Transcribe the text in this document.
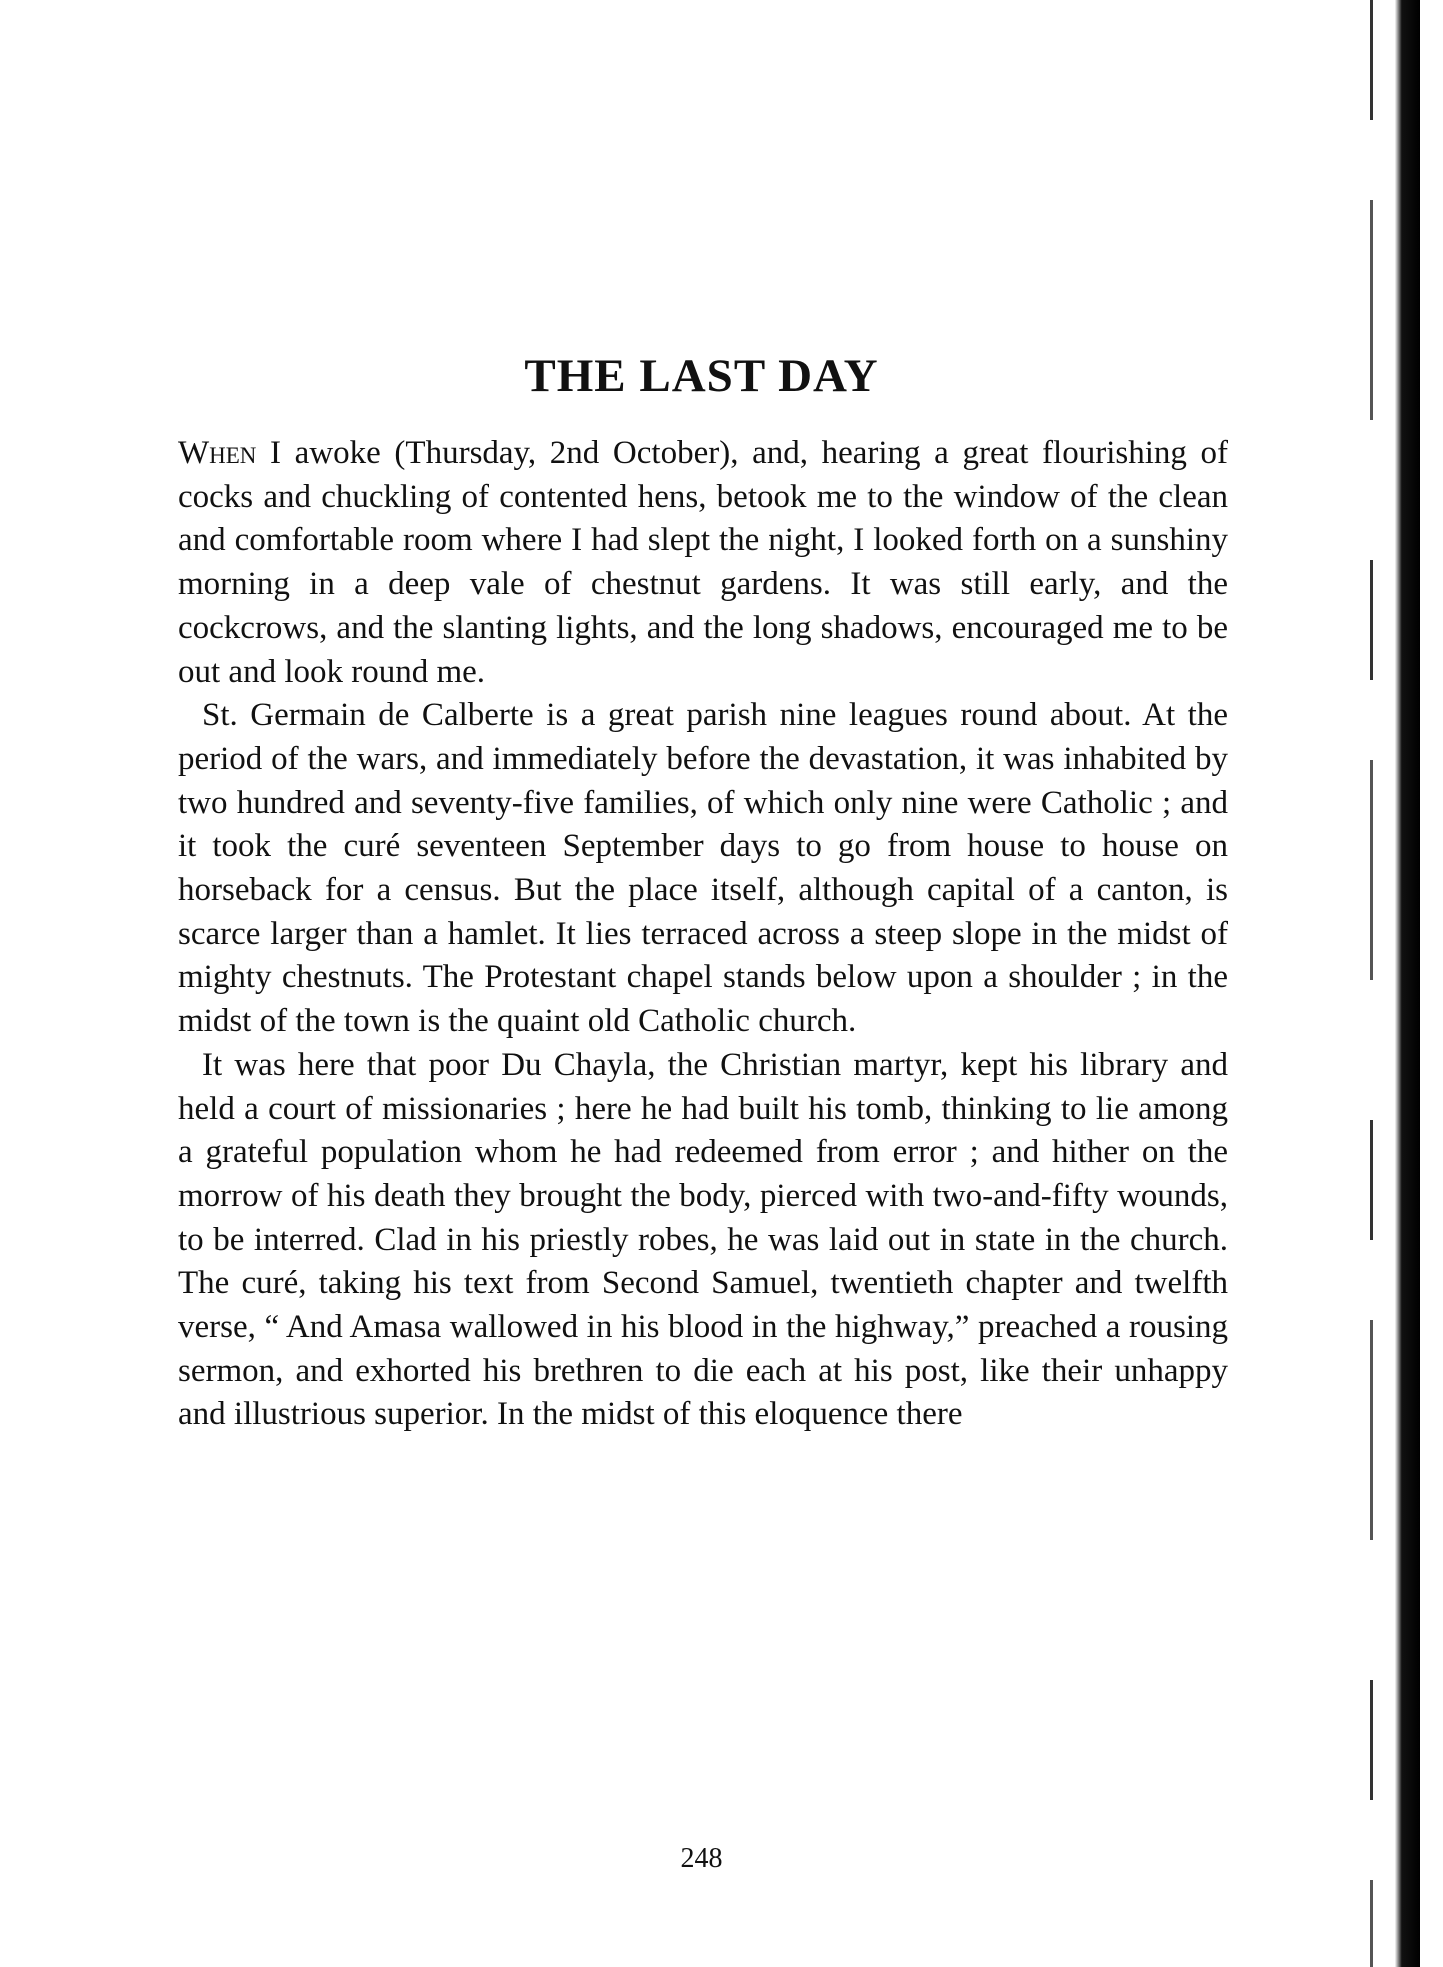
THE LAST DAY

When I awoke (Thursday, 2nd October), and, hearing a great flourishing of cocks and chuckling of contented hens, betook me to the window of the clean and comfortable room where I had slept the night, I looked forth on a sunshiny morning in a deep vale of chestnut gardens. It was still early, and the cockcrows, and the slanting lights, and the long shadows, encouraged me to be out and look round me.

St. Germain de Calberte is a great parish nine leagues round about. At the period of the wars, and immediately before the devastation, it was inhabited by two hundred and seventy-five families, of which only nine were Catholic ; and it took the curé seventeen September days to go from house to house on horseback for a census. But the place itself, although capital of a canton, is scarce larger than a hamlet. It lies terraced across a steep slope in the midst of mighty chestnuts. The Protestant chapel stands below upon a shoulder ; in the midst of the town is the quaint old Catholic church.

It was here that poor Du Chayla, the Christian martyr, kept his library and held a court of missionaries ; here he had built his tomb, thinking to lie among a grateful population whom he had redeemed from error ; and hither on the morrow of his death they brought the body, pierced with two-and-fifty wounds, to be interred. Clad in his priestly robes, he was laid out in state in the church. The curé, taking his text from Second Samuel, twentieth chapter and twelfth verse, “ And Amasa wallowed in his blood in the highway,” preached a rousing sermon, and exhorted his brethren to die each at his post, like their unhappy and illustrious superior. In the midst of this eloquence there

248
